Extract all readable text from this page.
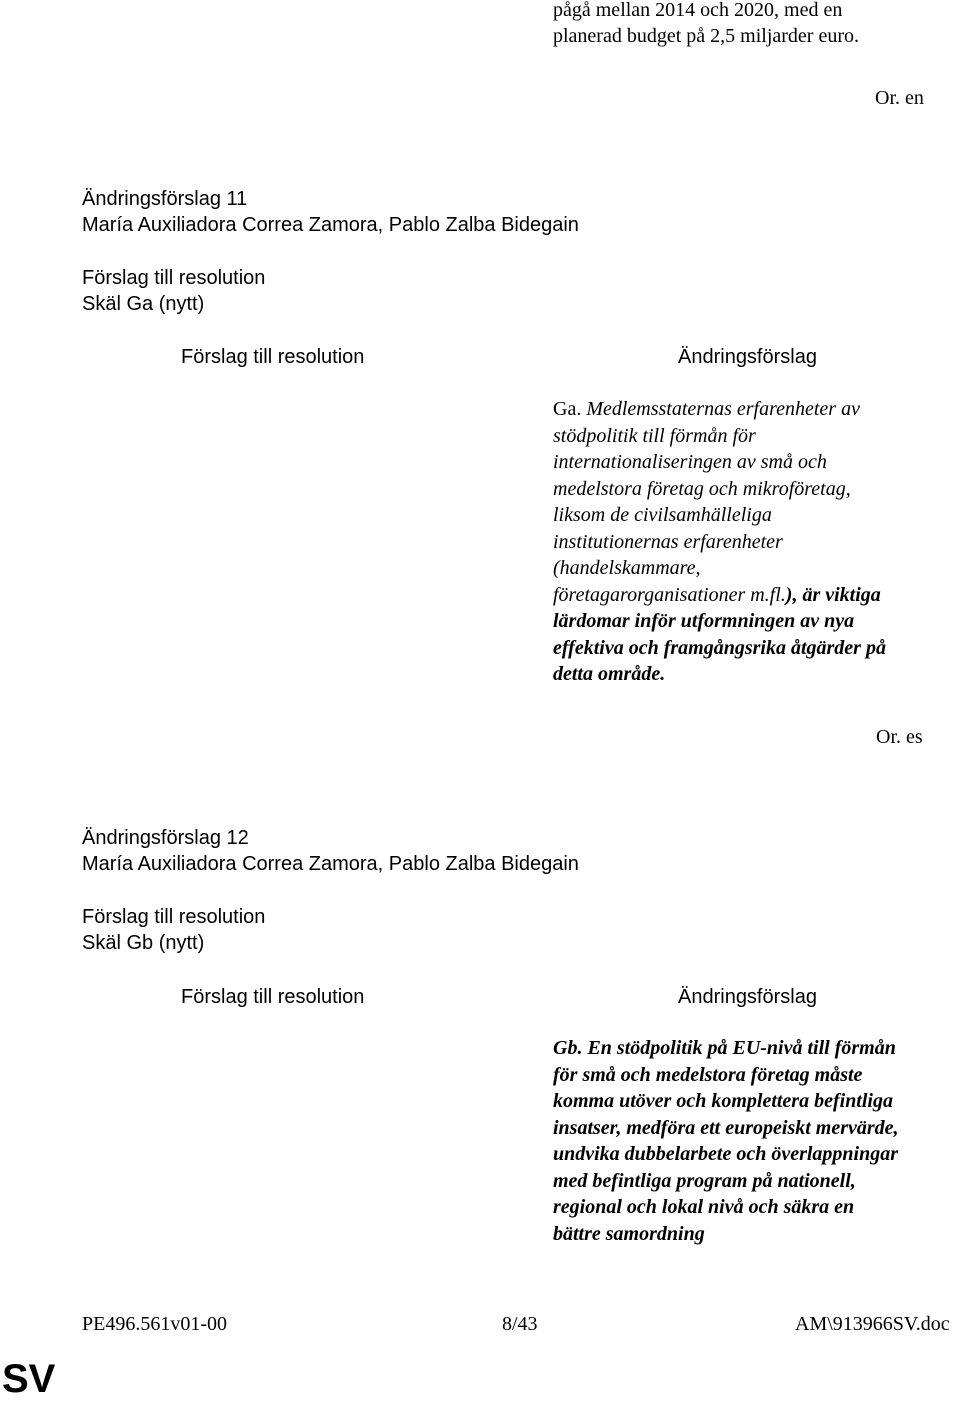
pågå mellan 2014 och 2020, med en
planerad budget på 2,5 miljarder euro.
Or. en
Ändringsförslag 11
María Auxiliadora Correa Zamora, Pablo Zalba Bidegain
Förslag till resolution
Skäl Ga (nytt)
Förslag till resolution	Ändringsförslag
Ga. Medlemsstaternas erfarenheter av
stödpolitik till förmån för
internationaliseringen av små och
medelstora företag och mikroföretag,
liksom de civilsamhälleliga
institutionernas erfarenheter
(handelskammare,
företagarorganisationer m.fl.), är viktiga
lärdomar inför utformningen av nya
effektiva och framgångsrika åtgärder på
detta område.
Or. es
Ändringsförslag 12
María Auxiliadora Correa Zamora, Pablo Zalba Bidegain
Förslag till resolution
Skäl Gb (nytt)
Förslag till resolution	Ändringsförslag
Gb. En stödpolitik på EU-nivå till förmån
för små och medelstora företag måste
komma utöver och komplettera befintliga
insatser, medföra ett europeiskt mervärde,
undvika dubbelarbete och överlappningar
med befintliga program på nationell,
regional och lokal nivå och säkra en
bättre samordning
PE496.561v01-00	8/43	AM\913966SV.doc
SV
